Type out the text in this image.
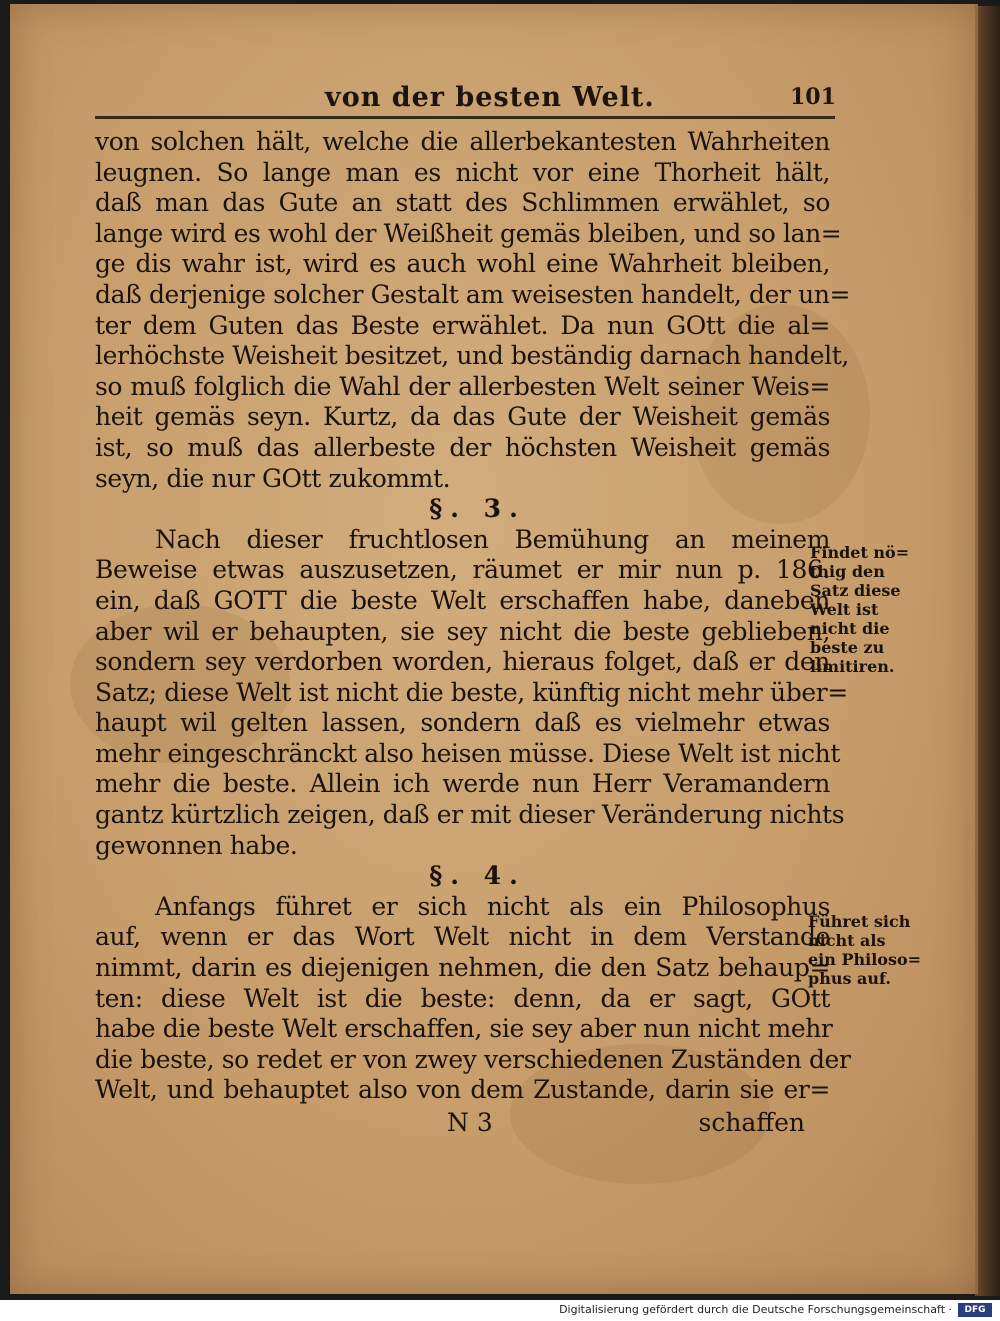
von der besten Welt.	101
von solchen hält, welche die allerbekantesten Wahrheiten
leugnen. So lange man es nicht vor eine Thorheit hält,
daß man das Gute an statt des Schlimmen erwählet, so
lange wird es wohl der Weißheit gemäs bleiben, und so lan=
ge dis wahr ist, wird es auch wohl eine Wahrheit bleiben,
daß derjenige solcher Gestalt am weisesten handelt, der un=
ter dem Guten das Beste erwählet. Da nun GOtt die al=
lerhöchste Weisheit besitzet, und beständig darnach handelt,
so muß folglich die Wahl der allerbesten Welt seiner Weis=
heit gemäs seyn. Kurtz, da das Gute der Weisheit gemäs
ist, so muß das allerbeste der höchsten Weisheit gemäs
seyn, die nur GOtt zukommt.
§. 3.
Nach dieser fruchtlosen Bemühung an meinem
Beweise etwas auszusetzen, räumet er mir nun p. 186.
ein, daß GOTT die beste Welt erschaffen habe, daneben
aber wil er behaupten, sie sey nicht die beste geblieben,
sondern sey verdorben worden, hieraus folget, daß er den
Satz; diese Welt ist nicht die beste, künftig nicht mehr über=
haupt wil gelten lassen, sondern daß es vielmehr etwas
mehr eingeschränckt also heisen müsse. Diese Welt ist nicht
mehr die beste. Allein ich werde nun Herr Veramandern
gantz kürtzlich zeigen, daß er mit dieser Veränderung nichts
gewonnen habe.
§. 4.
Anfangs führet er sich nicht als ein Philosophus
auf, wenn er das Wort Welt nicht in dem Verstande
nimmt, darin es diejenigen nehmen, die den Satz behaup=
ten: diese Welt ist die beste: denn, da er sagt, GOtt
habe die beste Welt erschaffen, sie sey aber nun nicht mehr
die beste, so redet er von zwey verschiedenen Zuständen der
Welt, und behauptet also von dem Zustande, darin sie er=
N 3	schaffen
Findet nö=
thig den
Satz diese
Welt ist
nicht die
beste zu
limitiren.
Führet sich
nicht als
ein Philoso=
phus auf.
Digitalisierung gefördert durch die Deutsche Forschungsgemeinschaft ·	DFG
